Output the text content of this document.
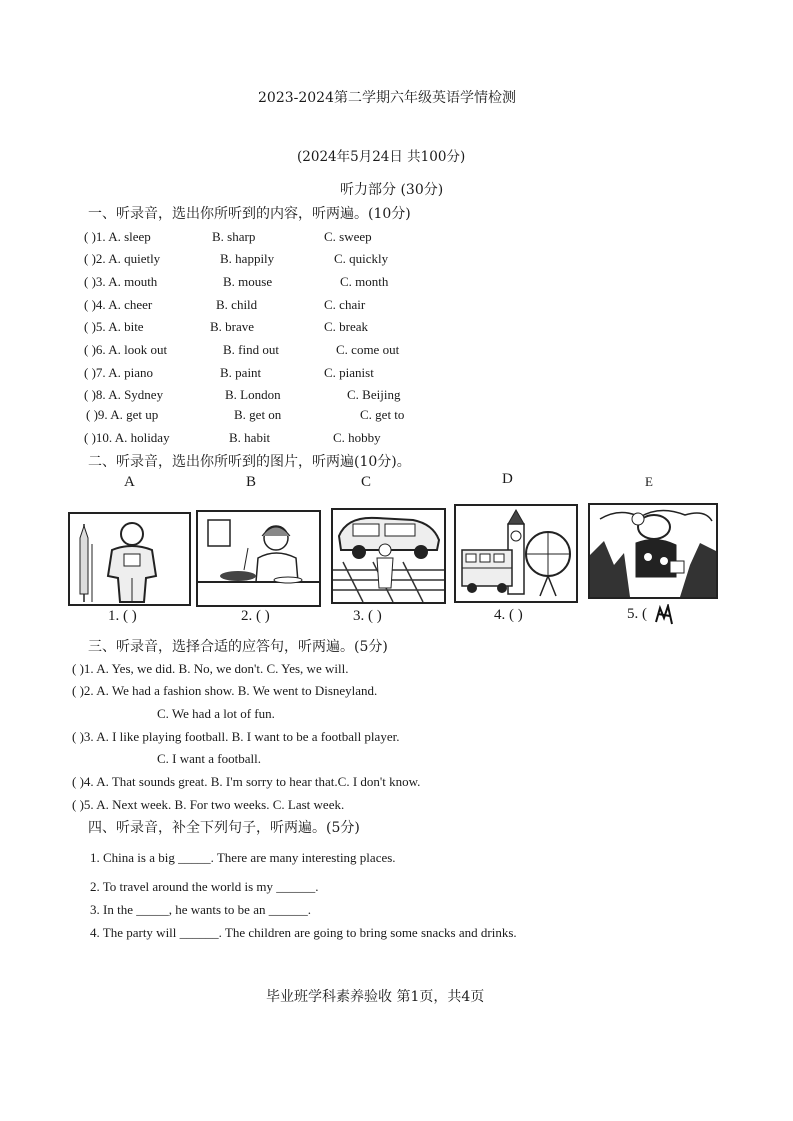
2023-2024第二学期六年级英语学情检测
(2024年5月24日 共100分)
听力部分 (30分)
一、听录音，选出你所听到的内容，听两遍。(10分)
( )1. A. sleep	B. sharp	C. sweep
( )2. A. quietly	B. happily	C. quickly
( )3. A. mouth	B. mouse	C. month
( )4. A. cheer	B. child	C. chair
( )5. A. bite	B. brave	C. break
( )6. A. look out	B. find out	C. come out
( )7. A. piano	B. paint	C. pianist
( )8. A. Sydney	B. London	C. Beijing
( )9. A. get up	B. get on	C. get to
( )10. A. holiday	B. habit	C. hobby
二、听录音，选出你所听到的图片，听两遍(10分)。
A	B	C	D	E
1. ( )	2. ( )	3. ( )	4. ( )	5. (
三、听录音，选择合适的应答句，听两遍。(5分)
( )1. A. Yes, we did. B. No, we don't. C. Yes, we will.
( )2. A. We had a fashion show. B. We went to Disneyland.
C. We had a lot of fun.
( )3. A. I like playing football. B. I want to be a football player.
C. I want a football.
( )4. A. That sounds great. B. I'm sorry to hear that.C. I don't know.
( )5. A. Next week. B. For two weeks. C. Last week.
四、听录音，补全下列句子，听两遍。(5分)
1. China is a big _____. There are many interesting places.
2. To travel around the world is my ______.
3. In the _____, he wants to be an ______.
4. The party will ______. The children are going to bring some snacks and drinks.
毕业班学科素养验收 第1页，共4页
